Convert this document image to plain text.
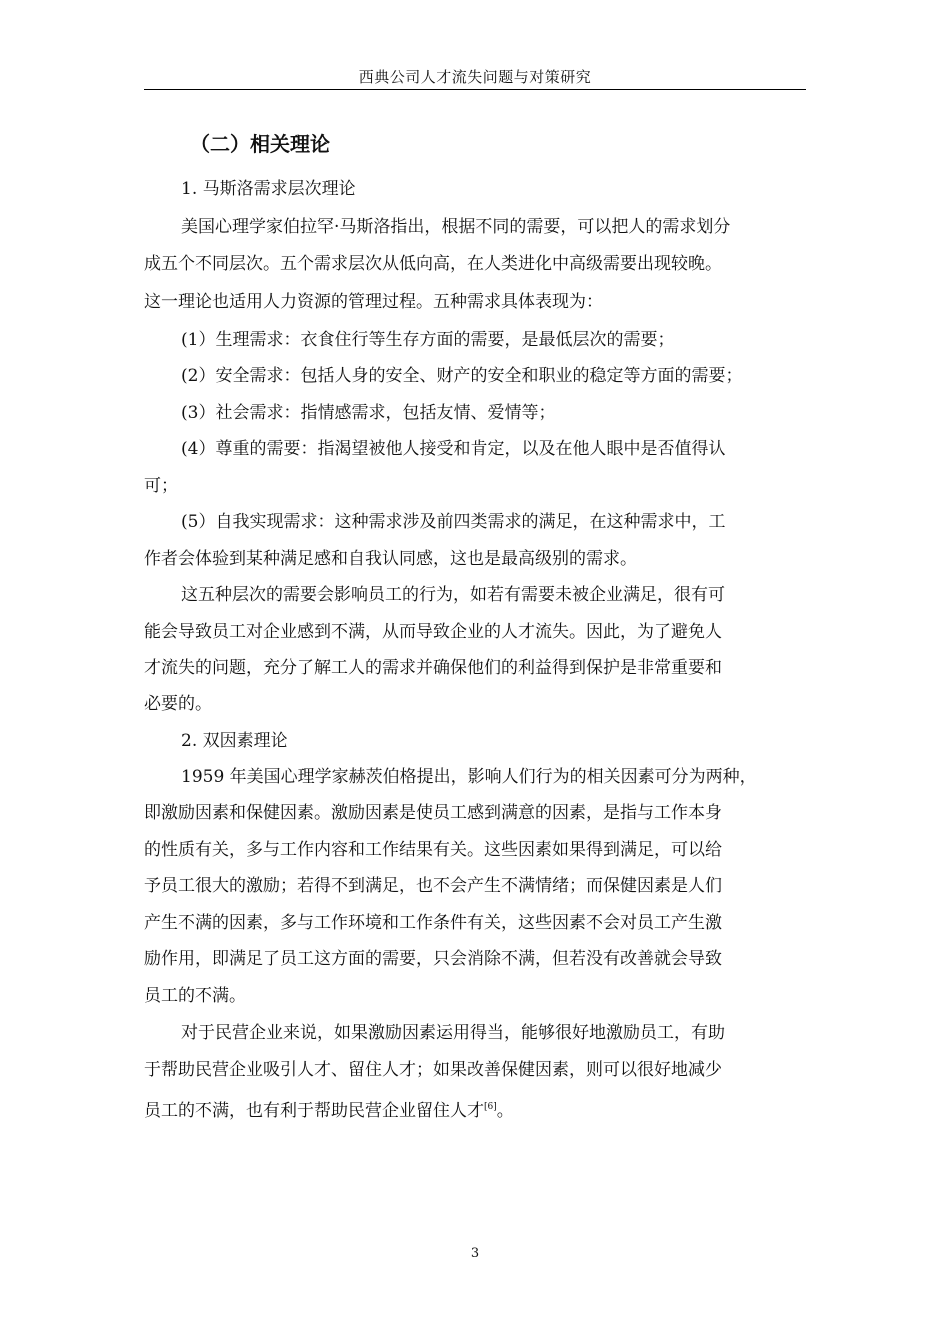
西典公司人才流失问题与对策研究
（二）相关理论
1. 马斯洛需求层次理论
美国心理学家伯拉罕·马斯洛指出，根据不同的需要，可以把人的需求划分
成五个不同层次。五个需求层次从低向高，在人类进化中高级需要出现较晚。
这一理论也适用人力资源的管理过程。五种需求具体表现为：
(1）生理需求：衣食住行等生存方面的需要，是最低层次的需要；
(2）安全需求：包括人身的安全、财产的安全和职业的稳定等方面的需要；
(3）社会需求：指情感需求，包括友情、爱情等；
(4）尊重的需要：指渴望被他人接受和肯定，以及在他人眼中是否值得认
可；
(5）自我实现需求：这种需求涉及前四类需求的满足，在这种需求中，工
作者会体验到某种满足感和自我认同感，这也是最高级别的需求。
这五种层次的需要会影响员工的行为，如若有需要未被企业满足，很有可
能会导致员工对企业感到不满，从而导致企业的人才流失。因此，为了避免人
才流失的问题，充分了解工人的需求并确保他们的利益得到保护是非常重要和
必要的。
2. 双因素理论
1959 年美国心理学家赫茨伯格提出，影响人们行为的相关因素可分为两种，
即激励因素和保健因素。激励因素是使员工感到满意的因素，是指与工作本身
的性质有关，多与工作内容和工作结果有关。这些因素如果得到满足，可以给
予员工很大的激励；若得不到满足，也不会产生不满情绪；而保健因素是人们
产生不满的因素，多与工作环境和工作条件有关，这些因素不会对员工产生激
励作用，即满足了员工这方面的需要，只会消除不满，但若没有改善就会导致
员工的不满。
对于民营企业来说，如果激励因素运用得当，能够很好地激励员工，有助
于帮助民营企业吸引人才、留住人才；如果改善保健因素，则可以很好地减少
员工的不满，也有利于帮助民营企业留住人才[6]。
3
